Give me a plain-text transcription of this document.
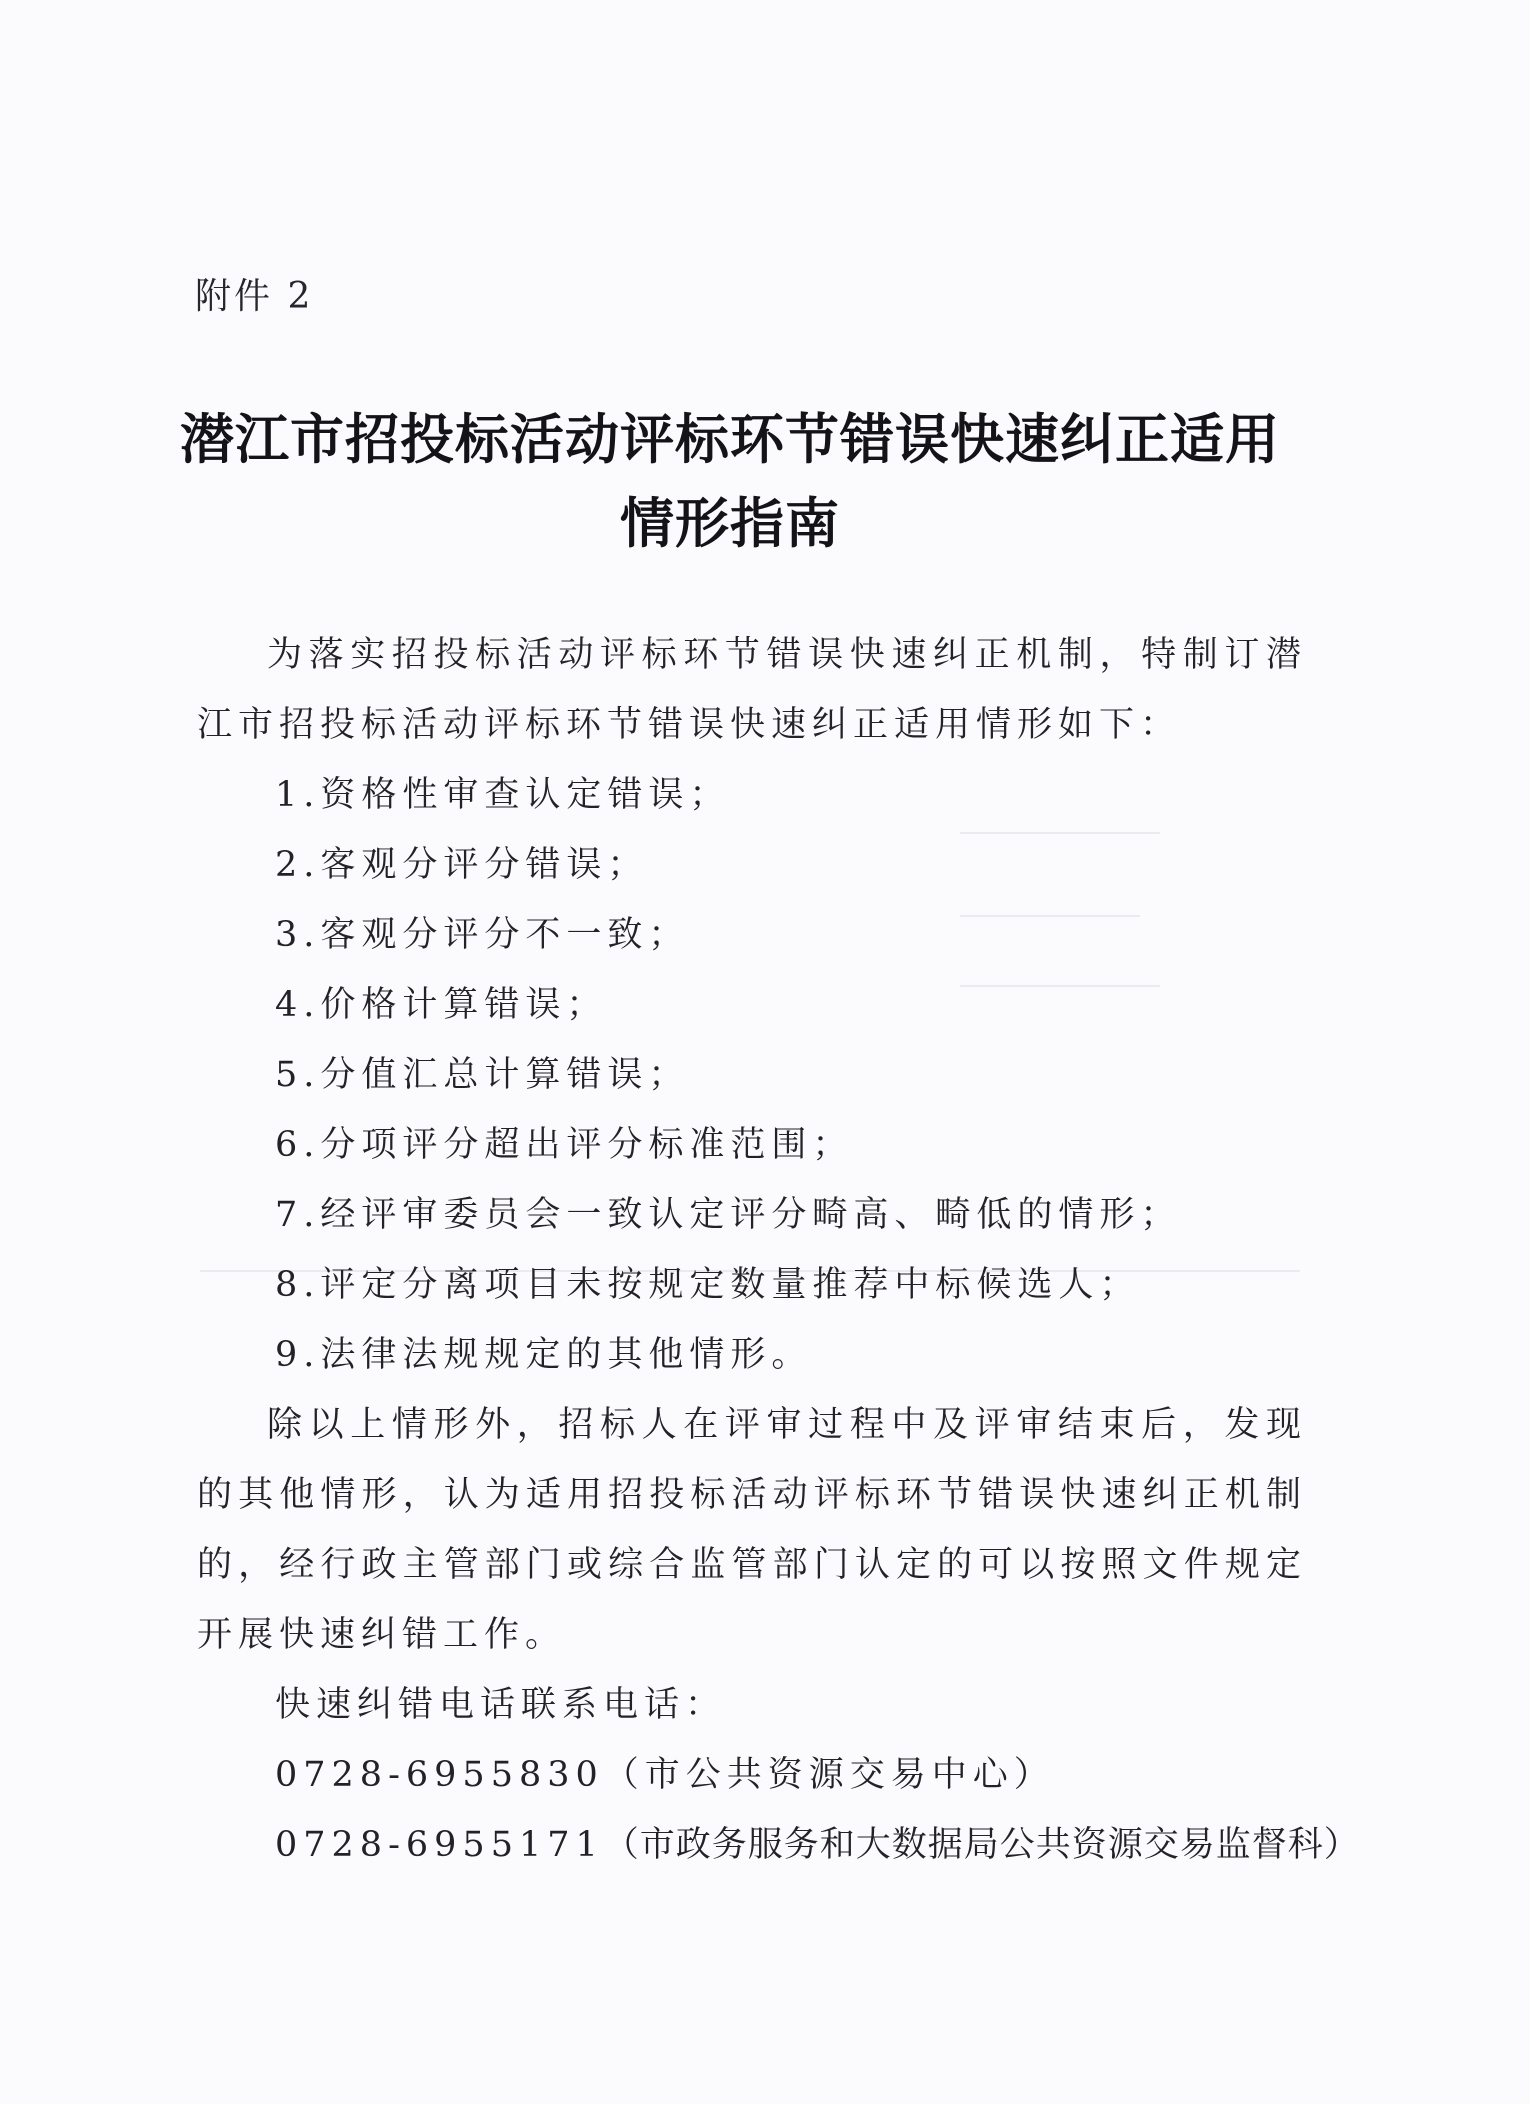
附件 2
潜江市招投标活动评标环节错误快速纠正适用
情形指南

为落实招投标活动评标环节错误快速纠正机制，特制订潜江市招投标活动评标环节错误快速纠正适用情形如下：

1.资格性审查认定错误；

2.客观分评分错误；

3.客观分评分不一致；

4.价格计算错误；

5.分值汇总计算错误；

6.分项评分超出评分标准范围；

7.经评审委员会一致认定评分畸高、畸低的情形；

8.评定分离项目未按规定数量推荐中标候选人；

9.法律法规规定的其他情形。

除以上情形外，招标人在评审过程中及评审结束后，发现的其他情形，认为适用招投标活动评标环节错误快速纠正机制的，经行政主管部门或综合监管部门认定的可以按照文件规定开展快速纠错工作。

快速纠错电话联系电话：

0728-6955830（市公共资源交易中心）

0728-6955171（市政务服务和大数据局公共资源交易监督科）
